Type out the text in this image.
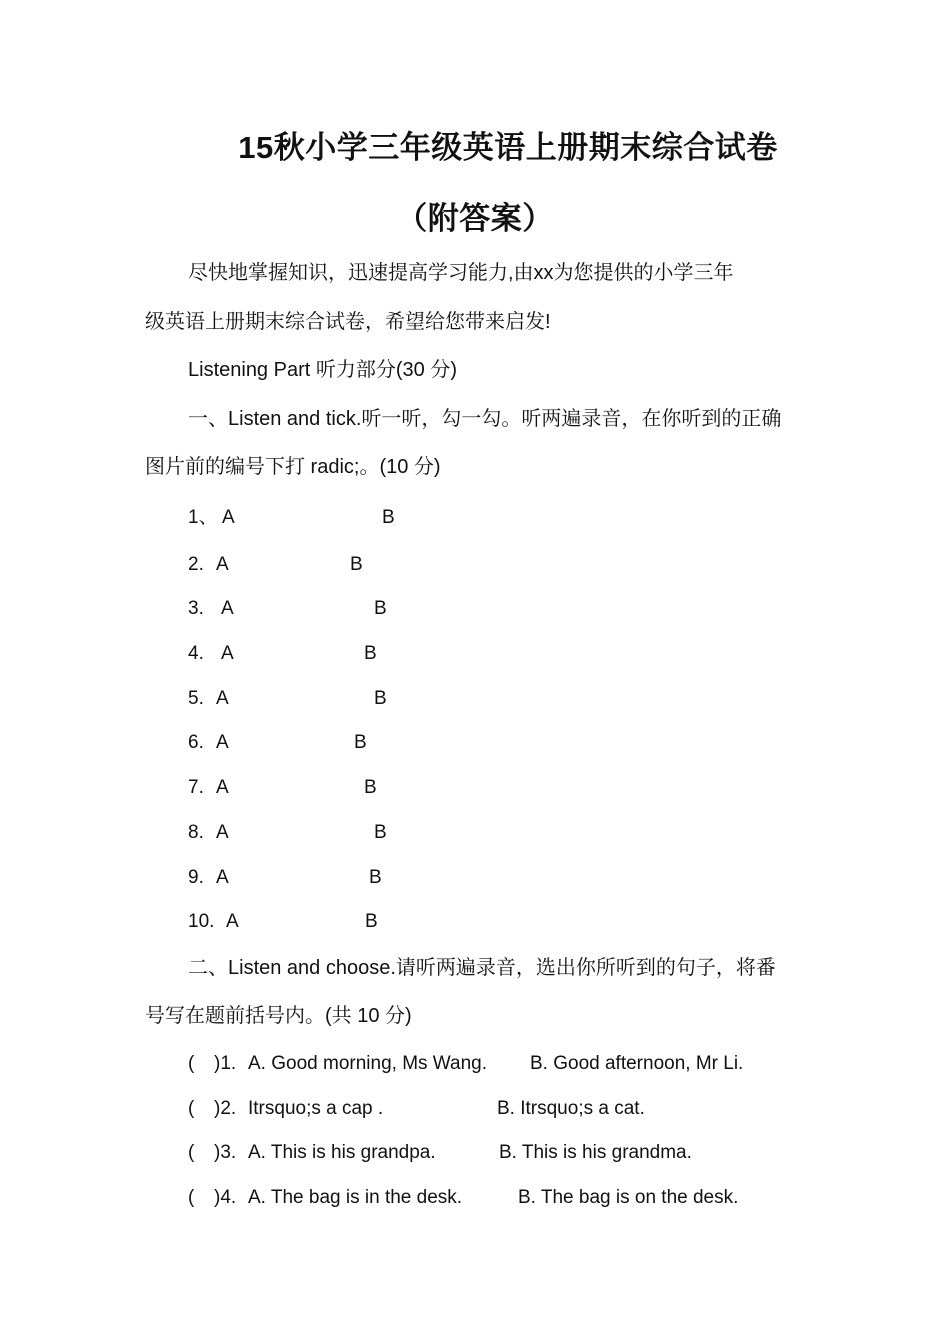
15秋小学三年级英语上册期末综合试卷
（附答案）
尽快地掌握知识，迅速提高学习能力,由xx为您提供的小学三年
级英语上册期末综合试卷，希望给您带来启发!
Listening Part 听力部分(30 分)
一、Listen and tick.听一听，勾一勾。听两遍录音，在你听到的正确
图片前的编号下打 radic;。(10 分)
1、 A	B
2. A	B
3. A	B
4. A	B
5. A	B
6. A	B
7. A	B
8. A	B
9. A	B
10. A	B
二、Listen and choose.请听两遍录音，选出你所听到的句子，将番
号写在题前括号内。(共 10 分)
( )1. A. Good morning, Ms Wang. B. Good afternoon, Mr Li.
( )2. Itrsquo;s a cap .	B. Itrsquo;s a cat.
( )3. A. This is his grandpa.	B. This is his grandma.
( )4. A. The bag is in the desk.	B. The bag is on the desk.
